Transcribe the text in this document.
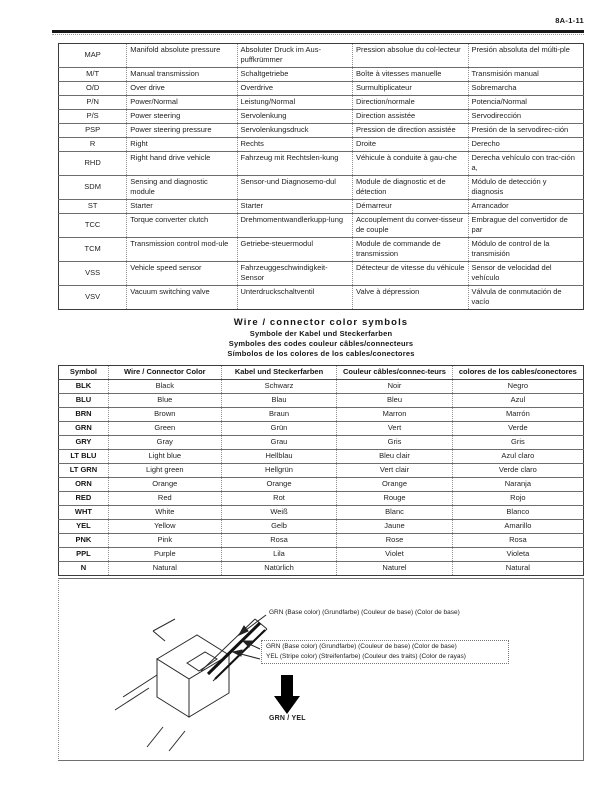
8A-1-11
MAP	Manifold absolute pressure	Absoluter Druck im Aus-puffkrümmer	Pression absolue du col-lecteur	Presión absoluta del múlti-ple
M/T	Manual transmission	Schaltgetriebe	Boîte à vitesses manuelle	Transmisión manual
O/D	Over drive	Overdrive	Surmultiplicateur	Sobremarcha
P/N	Power/Normal	Leistung/Normal	Direction/normale	Potencia/Normal
P/S	Power steering	Servolenkung	Direction assistée	Servodirección
PSP	Power steering pressure	Servolenkungsdruck	Pression de direction assistée	Presión de la servodirec-ción
R	Right	Rechts	Droite	Derecho
RHD	Right hand drive vehicle	Fahrzeug mit Rechtslen-kung	Véhicule à conduite à gau-che	Derecha vehículo con trac-ción a,
SDM	Sensing and diagnostic module	Sensor-und Diagnosemo-dul	Module de diagnostic et de détection	Módulo de detección y diagnosis
ST	Starter	Starter	Démarreur	Arrancador
TCC	Torque converter clutch	Drehmomentwandlerkupp-lung	Accouplement du conver-tisseur de couple	Embrague del convertidor de par
TCM	Transmission control mod-ule	Getriebe-steuermodul	Module de commande de transmission	Módulo de control de la transmisión
VSS	Vehicle speed sensor	Fahrzeuggeschwindigkeit-Sensor	Détecteur de vitesse du véhicule	Sensor de velocidad del vehículo
VSV	Vacuum switching valve	Unterdruckschaltventil	Valve à dépression	Válvula de conmutación de vacío
Wire / connector color symbols
Symbole der Kabel und Steckerfarben
Symboles des codes couleur câbles/connecteurs
Símbolos de los colores de los cables/conectores
Symbol	Wire / Connector Color	Kabel und Steckerfarben	Couleur câbles/connec-teurs	colores de los cables/conectores
BLK	Black	Schwarz	Noir	Negro
BLU	Blue	Blau	Bleu	Azul
BRN	Brown	Braun	Marron	Marrón
GRN	Green	Grün	Vert	Verde
GRY	Gray	Grau	Gris	Gris
LT BLU	Light blue	Hellblau	Bleu clair	Azul claro
LT GRN	Light green	Hellgrün	Vert clair	Verde claro
ORN	Orange	Orange	Orange	Naranja
RED	Red	Rot	Rouge	Rojo
WHT	White	Weiß	Blanc	Blanco
YEL	Yellow	Gelb	Jaune	Amarillo
PNK	Pink	Rosa	Rose	Rosa
PPL	Purple	Lila	Violet	Violeta
N	Natural	Natürlich	Naturel	Natural
GRN (Base color) (Grundfarbe) (Couleur de base) (Color de base)
GRN (Base color) (Grundfarbe) (Couleur de base) (Color de base)
YEL (Stripe color) (Streifenfarbe) (Couleur des traits) (Color de rayas)
GRN / YEL
